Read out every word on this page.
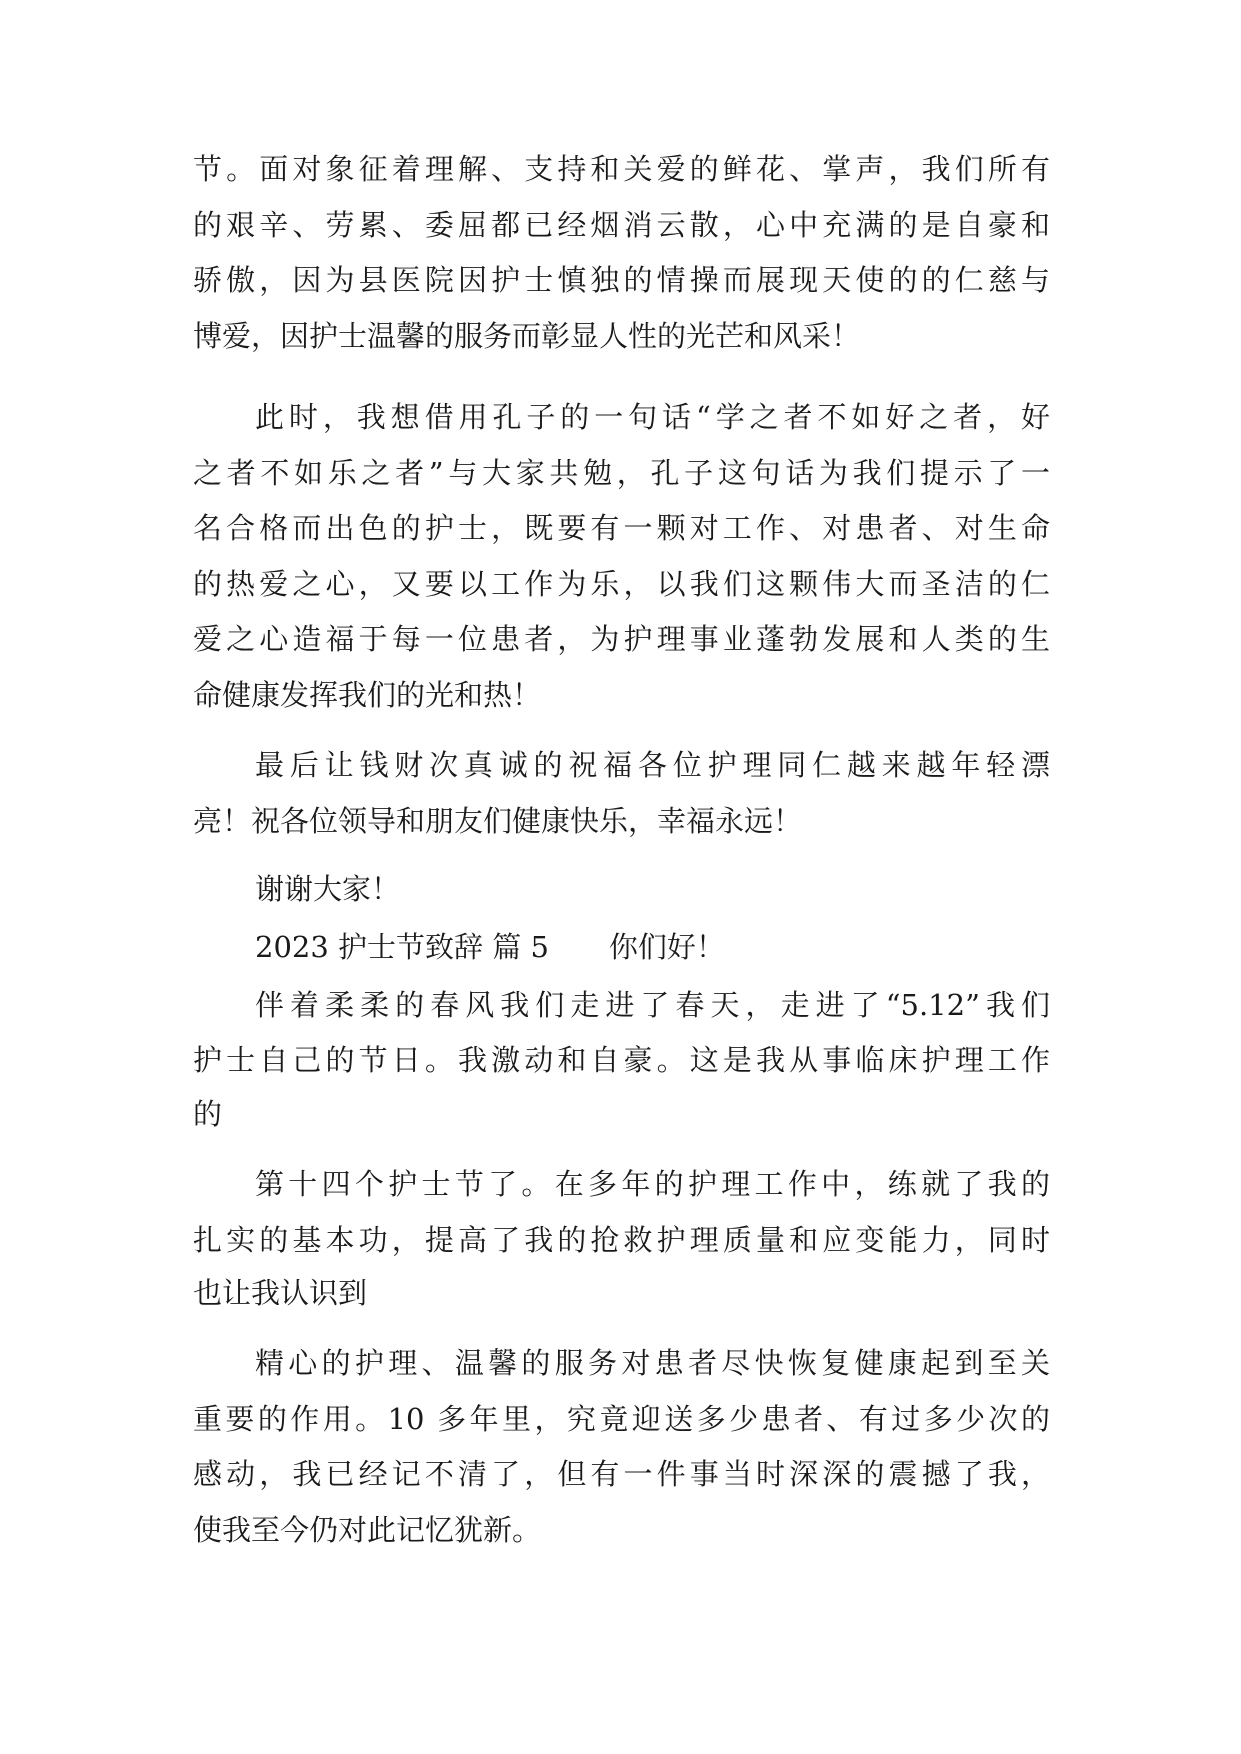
节。面对象征着理解、支持和关爱的鲜花、掌声，我们所有

的艰辛、劳累、委屈都已经烟消云散，心中充满的是自豪和

骄傲，因为县医院因护士慎独的情操而展现天使的的仁慈与

博爱，因护士温馨的服务而彰显人性的光芒和风采！

此时，我想借用孔子的一句话“学之者不如好之者，好

之者不如乐之者”与大家共勉，孔子这句话为我们提示了一

名合格而出色的护士，既要有一颗对工作、对患者、对生命

的热爱之心，又要以工作为乐，以我们这颗伟大而圣洁的仁

爱之心造福于每一位患者，为护理事业蓬勃发展和人类的生

命健康发挥我们的光和热！

最后让钱财次真诚的祝福各位护理同仁越来越年轻漂

亮！祝各位领导和朋友们健康快乐，幸福永远！

谢谢大家！

2023 护士节致辞 篇 5 你们好！

伴着柔柔的春风我们走进了春天，走进了“5.12”我们

护士自己的节日。我激动和自豪。这是我从事临床护理工作

的

第十四个护士节了。在多年的护理工作中，练就了我的

扎实的基本功，提高了我的抢救护理质量和应变能力，同时

也让我认识到

精心的护理、温馨的服务对患者尽快恢复健康起到至关

重要的作用。10 多年里，究竟迎送多少患者、有过多少次的

感动，我已经记不清了，但有一件事当时深深的震撼了我，

使我至今仍对此记忆犹新。
